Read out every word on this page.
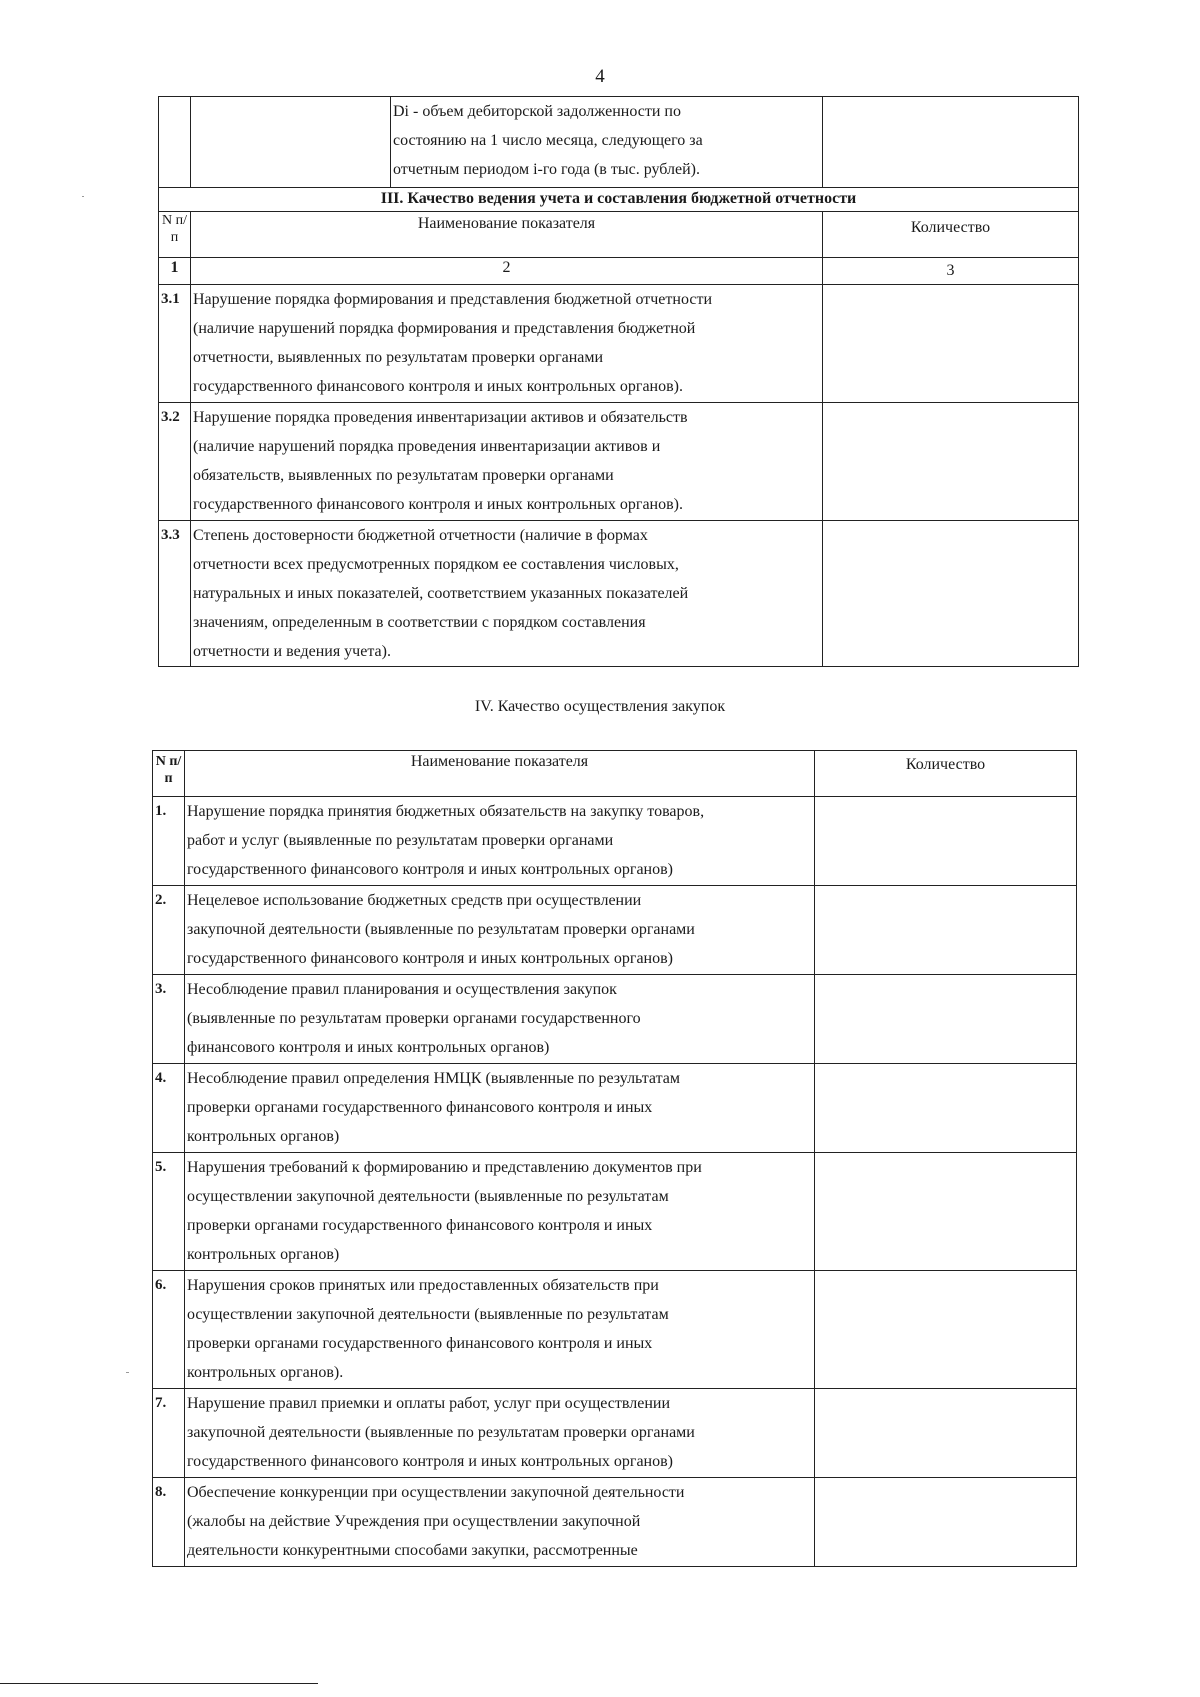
4

		Di - объем дебиторской задолженности по
состоянию на 1 число месяца, следующего за
отчетным периодом i-го года (в тыс. рублей).	

III. Качество ведения учета и составления бюджетной отчетности			
N п/п	Наименование показателя		Количество
1	2		3
3.1	Нарушение порядка формирования и представления бюджетной отчетности
(наличие нарушений порядка формирования и представления бюджетной
отчетности, выявленных по результатам проверки органами
государственного финансового контроля и иных контрольных органов).		

3.2	Нарушение порядка проведения инвентаризации активов и обязательств
(наличие нарушений порядка проведения инвентаризации активов и
обязательств, выявленных по результатам проверки органами
государственного финансового контроля и иных контрольных органов).		

3.3	Степень достоверности бюджетной отчетности (наличие в формах
отчетности всех предусмотренных порядком ее составления числовых,
натуральных и иных показателей, соответствием указанных показателей
значениям, определенным в соответствии с порядком составления
отчетности и ведения учета).		

IV. Качество осуществления закупок
N п/п	Наименование показателя	Количество
1.	Нарушение порядка принятия бюджетных обязательств на закупку товаров,
работ и услуг (выявленные по результатам проверки органами
государственного финансового контроля и иных контрольных органов)	

2.	Нецелевое использование бюджетных средств при осуществлении
закупочной деятельности (выявленные по результатам проверки органами
государственного финансового контроля и иных контрольных органов)	

3.	Несоблюдение правил планирования и осуществления закупок
(выявленные по результатам проверки органами государственного
финансового контроля и иных контрольных органов)	

4.	Несоблюдение правил определения НМЦК (выявленные по результатам
проверки органами государственного финансового контроля и иных
контрольных органов)	

5.	Нарушения требований к формированию и представлению документов при
осуществлении закупочной деятельности (выявленные по результатам
проверки органами государственного финансового контроля и иных
контрольных органов)	

6.	Нарушения сроков принятых или предоставленных обязательств при
осуществлении закупочной деятельности (выявленные по результатам
проверки органами государственного финансового контроля и иных
контрольных органов).	

7.	Нарушение правил приемки и оплаты работ, услуг при осуществлении
закупочной деятельности (выявленные по результатам проверки органами
государственного финансового контроля и иных контрольных органов)	

8.	Обеспечение конкуренции при осуществлении закупочной деятельности
(жалобы на действие Учреждения при осуществлении закупочной
деятельности конкурентными способами закупки, рассмотренные	
